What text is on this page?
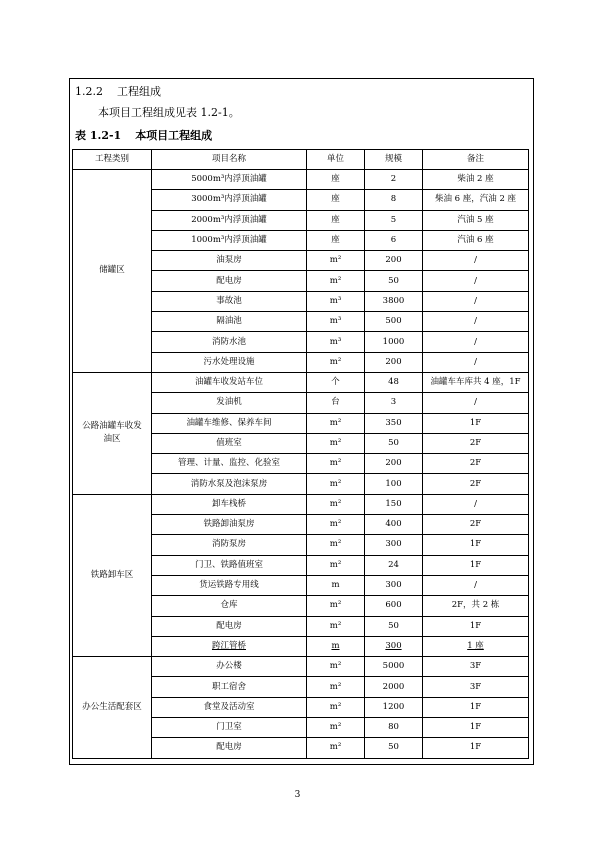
1.2.2 工程组成
本项目工程组成见表 1.2-1。
表 1.2-1 本项目工程组成
工程类别	项目名称	单位	规模	备注
储罐区	5000m³内浮顶油罐	座	2	柴油 2 座
	3000m³内浮顶油罐	座	8	柴油 6 座，汽油 2 座
	2000m³内浮顶油罐	座	5	汽油 5 座
	1000m³内浮顶油罐	座	6	汽油 6 座
	油泵房	m²	200	/
	配电房	m²	50	/
	事故池	m³	3800	/
	隔油池	m³	500	/
	消防水池	m³	1000	/
	污水处理设施	m²	200	/
公路油罐车收发油区	油罐车收发站车位	个	48	油罐车车库共 4 座，1F
	发油机	台	3	/
	油罐车维修、保养车间	m²	350	1F
	值班室	m²	50	2F
	管理、计量、监控、化验室	m²	200	2F
	消防水泵及泡沫泵房	m²	100	2F
铁路卸车区	卸车栈桥	m²	150	/
	铁路卸油泵房	m²	400	2F
	消防泵房	m²	300	1F
	门卫、铁路值班室	m²	24	1F
	货运铁路专用线	m	300	/
	仓库	m²	600	2F，共 2 栋
	配电房	m²	50	1F
	跨江管桥	m	300	1 座
办公生活配套区	办公楼	m²	5000	3F
	职工宿舍	m²	2000	3F
	食堂及活动室	m²	1200	1F
	门卫室	m²	80	1F
	配电房	m²	50	1F
3
